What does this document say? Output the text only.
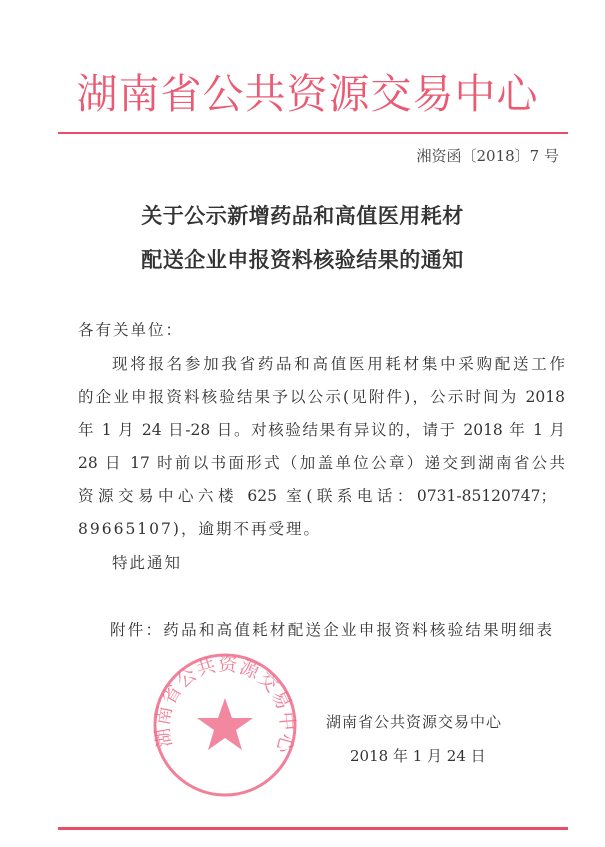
湖南省公共资源交易中心
湘资函〔2018〕7 号
关于公示新增药品和高值医用耗材
配送企业申报资料核验结果的通知
各有关单位：
现将报名参加我省药品和高值医用耗材集中采购配送工作
的企业申报资料核验结果予以公示(见附件)，公示时间为 2018
年 1 月 24 日-28 日。对核验结果有异议的，请于 2018 年 1 月
28 日 17 时前以书面形式（加盖单位公章）递交到湖南省公共
资源交易中心六楼 625 室(联系电话：0731-85120747；
89665107)，逾期不再受理。
特此通知
附件：药品和高值耗材配送企业申报资料核验结果明细表
湖南省公共资源交易中心
湖南省公共资源交易中心
2018 年 1 月 24 日
